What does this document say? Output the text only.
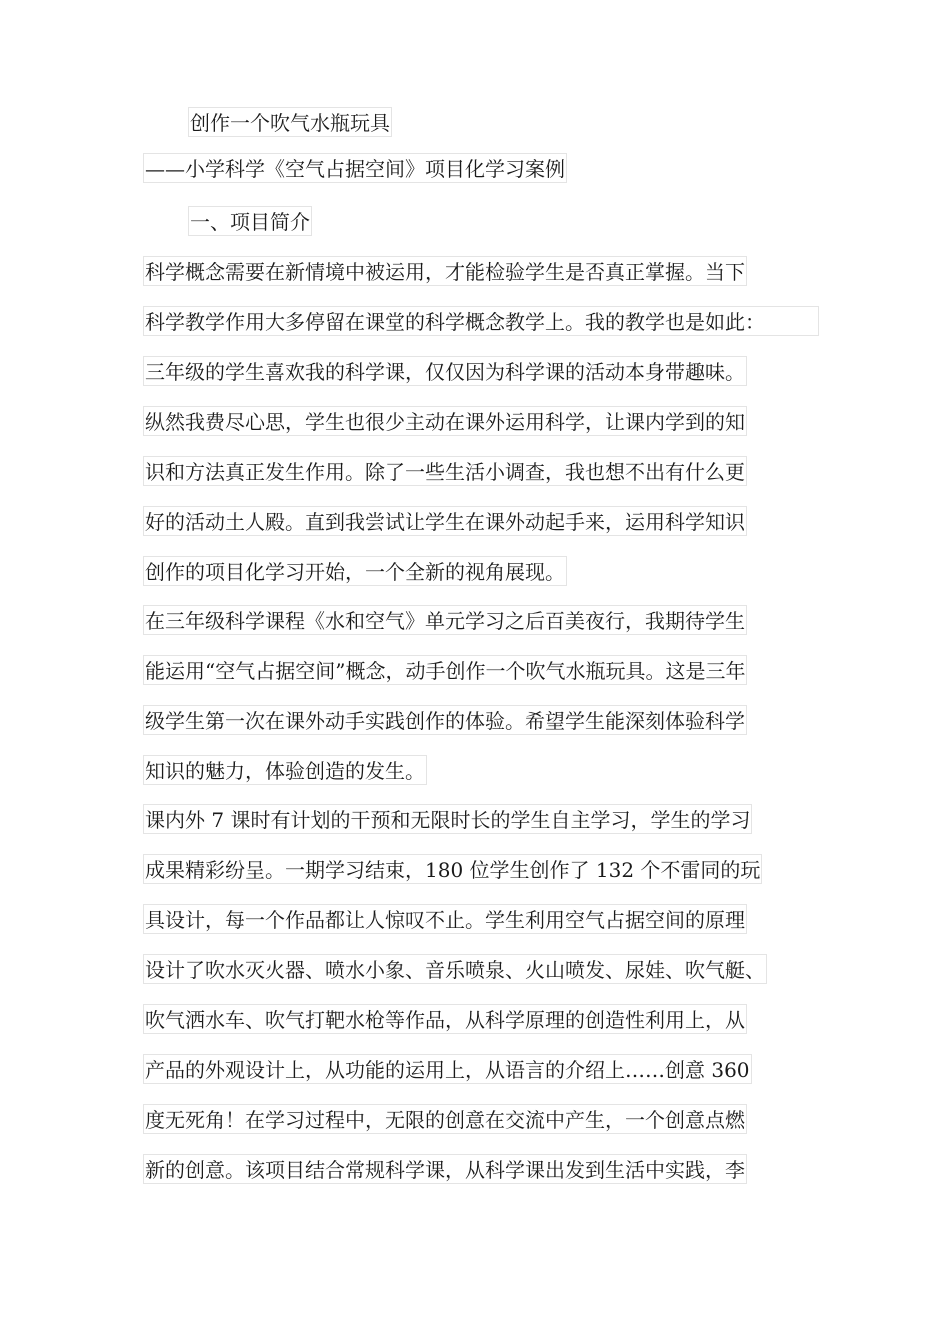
创作一个吹气水瓶玩具
——小学科学《空气占据空间》项目化学习案例
一、项目简介
科学概念需要在新情境中被运用，才能检验学生是否真正掌握。当下
科学教学作用大多停留在课堂的科学概念教学上。我的教学也是如此：
三年级的学生喜欢我的科学课，仅仅因为科学课的活动本身带趣味。
纵然我费尽心思，学生也很少主动在课外运用科学，让课内学到的知
识和方法真正发生作用。除了一些生活小调查，我也想不出有什么更
好的活动土人殿。直到我尝试让学生在课外动起手来，运用科学知识
创作的项目化学习开始，一个全新的视角展现。
在三年级科学课程《水和空气》单元学习之后百美夜行，我期待学生
能运用“空气占据空间”概念，动手创作一个吹气水瓶玩具。这是三年
级学生第一次在课外动手实践创作的体验。希望学生能深刻体验科学
知识的魅力，体验创造的发生。
课内外 7 课时有计划的干预和无限时长的学生自主学习，学生的学习
成果精彩纷呈。一期学习结束，180 位学生创作了 132 个不雷同的玩
具设计，每一个作品都让人惊叹不止。学生利用空气占据空间的原理
设计了吹水灭火器、喷水小象、音乐喷泉、火山喷发、尿娃、吹气艇、
吹气洒水车、吹气打靶水枪等作品，从科学原理的创造性利用上，从
产品的外观设计上，从功能的运用上，从语言的介绍上……创意 360
度无死角！在学习过程中，无限的创意在交流中产生，一个创意点燃
新的创意。该项目结合常规科学课，从科学课出发到生活中实践，李
